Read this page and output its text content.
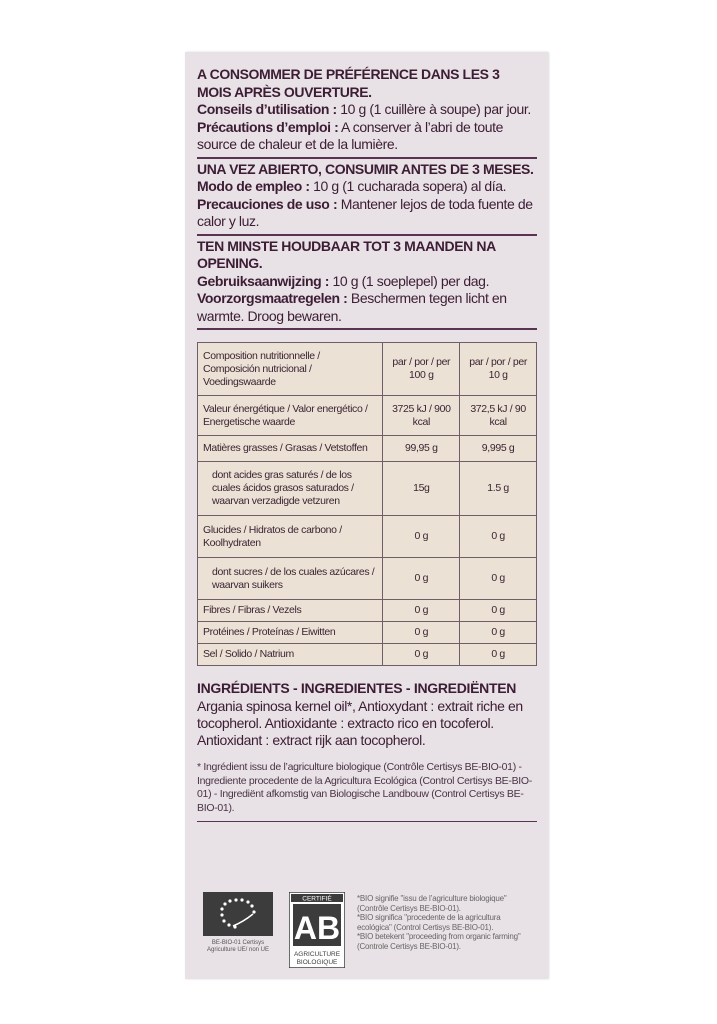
A CONSOMMER DE PRÉFÉRENCE DANS LES 3 MOIS APRÈS OUVERTURE.

Conseils d’utilisation : 10 g (1 cuillère à soupe) par jour.

Précautions d’emploi : A conserver à l’abri de toute source de chaleur et de la lumière.

UNA VEZ ABIERTO, CONSUMIR ANTES DE 3 MESES.

Modo de empleo : 10 g (1 cucharada sopera) al día.

Precauciones de uso : Mantener lejos de toda fuente de calor y luz.

TEN MINSTE HOUDBAAR TOT 3 MAANDEN NA OPENING.

Gebruiksaanwijzing : 10 g (1 soeplepel) per dag.

Voorzorgsmaatregelen : Beschermen tegen licht en warmte. Droog bewaren.

Composition nutritionnelle / Composición nutricional / Voedingswaarde	par / por / per 100 g	par / por / per 10 g
Valeur énergétique / Valor energético / Energetische waarde	3725 kJ / 900 kcal	372,5 kJ / 90 kcal
Matières grasses / Grasas / Vetstoffen	99,95 g	9,995 g
dont acides gras saturés / de los cuales ácidos grasos saturados / waarvan verzadigde vetzuren	15g	1.5 g
Glucides / Hidratos de carbono / Koolhydraten	0 g	0 g
dont sucres / de los cuales azúcares / waarvan suikers	0 g	0 g
Fibres / Fibras / Vezels	0 g	0 g
Protéines / Proteínas / Eiwitten	0 g	0 g
Sel / Solido / Natrium	0 g	0 g
INGRÉDIENTS - INGREDIENTES - INGREDIËNTEN
Argania spinosa kernel oil*, Antioxydant : extrait riche en tocopherol. Antioxidante : extracto rico en tocoferol. Antioxidant : extract rijk aan tocopherol.
* Ingrédient issu de l’agriculture biologique (Contrôle Certisys BE-BIO-01) - Ingrediente procedente de la Agricultura Ecológica (Control Certisys BE-BIO-01) - Ingrediënt afkomstig van Biologische Landbouw (Control Certisys BE-BIO-01).
BE-BIO-01 Certisys Agriculture UE/ non UE
CERTIFIÉ
AB
AGRICULTURE
BIOLOGIQUE
*BIO signifie "issu de l’agriculture biologique" (Contrôle Certisys BE-BIO-01).
*BIO significa "procedente de la agricultura ecológica" (Control Certisys BE-BIO-01).
*BIO betekent "proceeding from organic farming" (Controle Certisys BE-BIO-01).
